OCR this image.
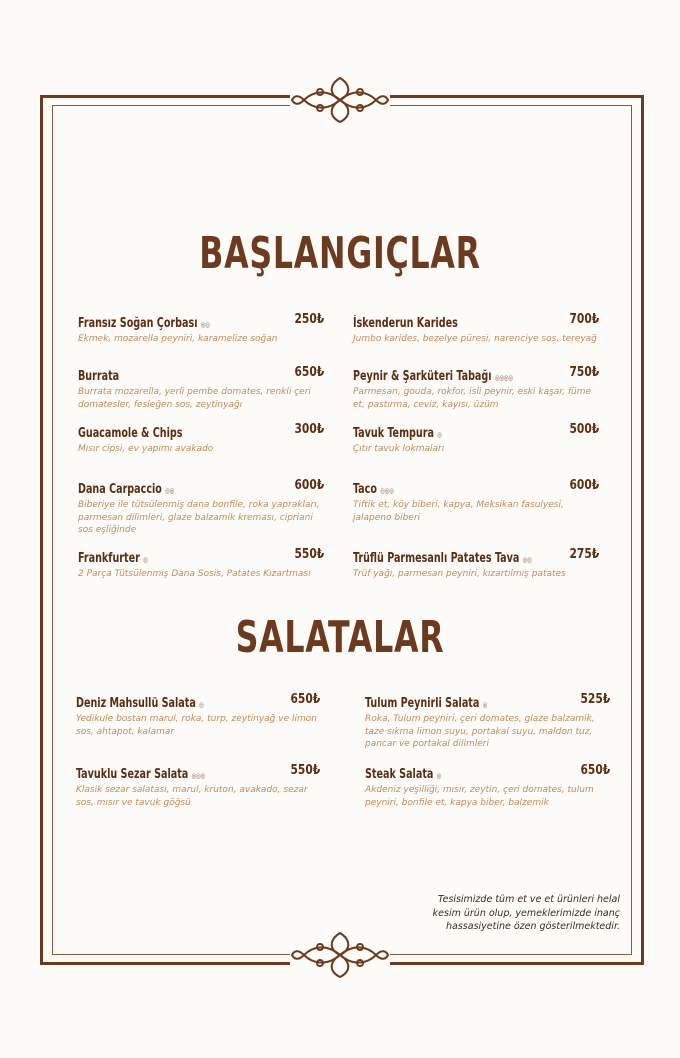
BAŞLANGIÇLAR
SALATALAR
Fransız Soğan Çorbası ◎◎	250₺
Ekmek, mozarella peyniri, karamelize soğan
Burrata	650₺
Burrata mozarella, yerli pembe domates, renkli çeri domatesler, fesleğen sos, zeytinyağı
Guacamole & Chips	300₺
Mısır cipsi, ev yapımı avakado
Dana Carpaccio ◎◎	600₺
Biberiye ile tütsülenmiş dana bonfile, roka yaprakları, parmesan dilimleri, glaze balzamik kreması, cipriani sos eşliğinde
Frankfurter ◎	550₺
2 Parça Tütsülenmiş Dana Sosis, Patates Kızartması
İskenderun Karides	700₺
Jumbo karides, bezelye püresi, narenciye sos, tereyağ
Peynir & Şarküteri Tabağı ◎◎◎◎	750₺
Parmesan, gouda, rokfor, isli peynir, eski kaşar, füme et, pastırma, ceviz, kayısı, üzüm
Tavuk Tempura ◎	500₺
Çıtır tavuk lokmaları
Taco ◎◎◎	600₺
Tiftik et, köy biberi, kapya, Meksikan fasulyesi, jalapeno biberi
Trüflü Parmesanlı Patates Tava ◎◎	275₺
Trüf yağı, parmesan peyniri, kızartılmış patates
Deniz Mahsullü Salata ◎	650₺
Yedikule bostan marul, roka, turp, zeytinyağ ve limon sos, ahtapot, kalamar
Tavuklu Sezar Salata ◎◎◎	550₺
Klasik sezar salatası, marul, kruton, avakado, sezar sos, mısır ve tavuk göğsü
Tulum Peynirli Salata ◎	525₺
Roka, Tulum peyniri, çeri domates, glaze balzamik, taze sıkma limon suyu, portakal suyu, maldon tuz, pancar ve portakal dilimleri
Steak Salata ◎	650₺
Akdeniz yeşilliği, mısır, zeytin, çeri domates, tulum peyniri, bonfile et, kapya biber, balzemik
Tesisimizde tüm et ve et ürünleri helal kesim ürün olup, yemeklerimizde inanç hassasiyetine özen gösterilmektedir.
